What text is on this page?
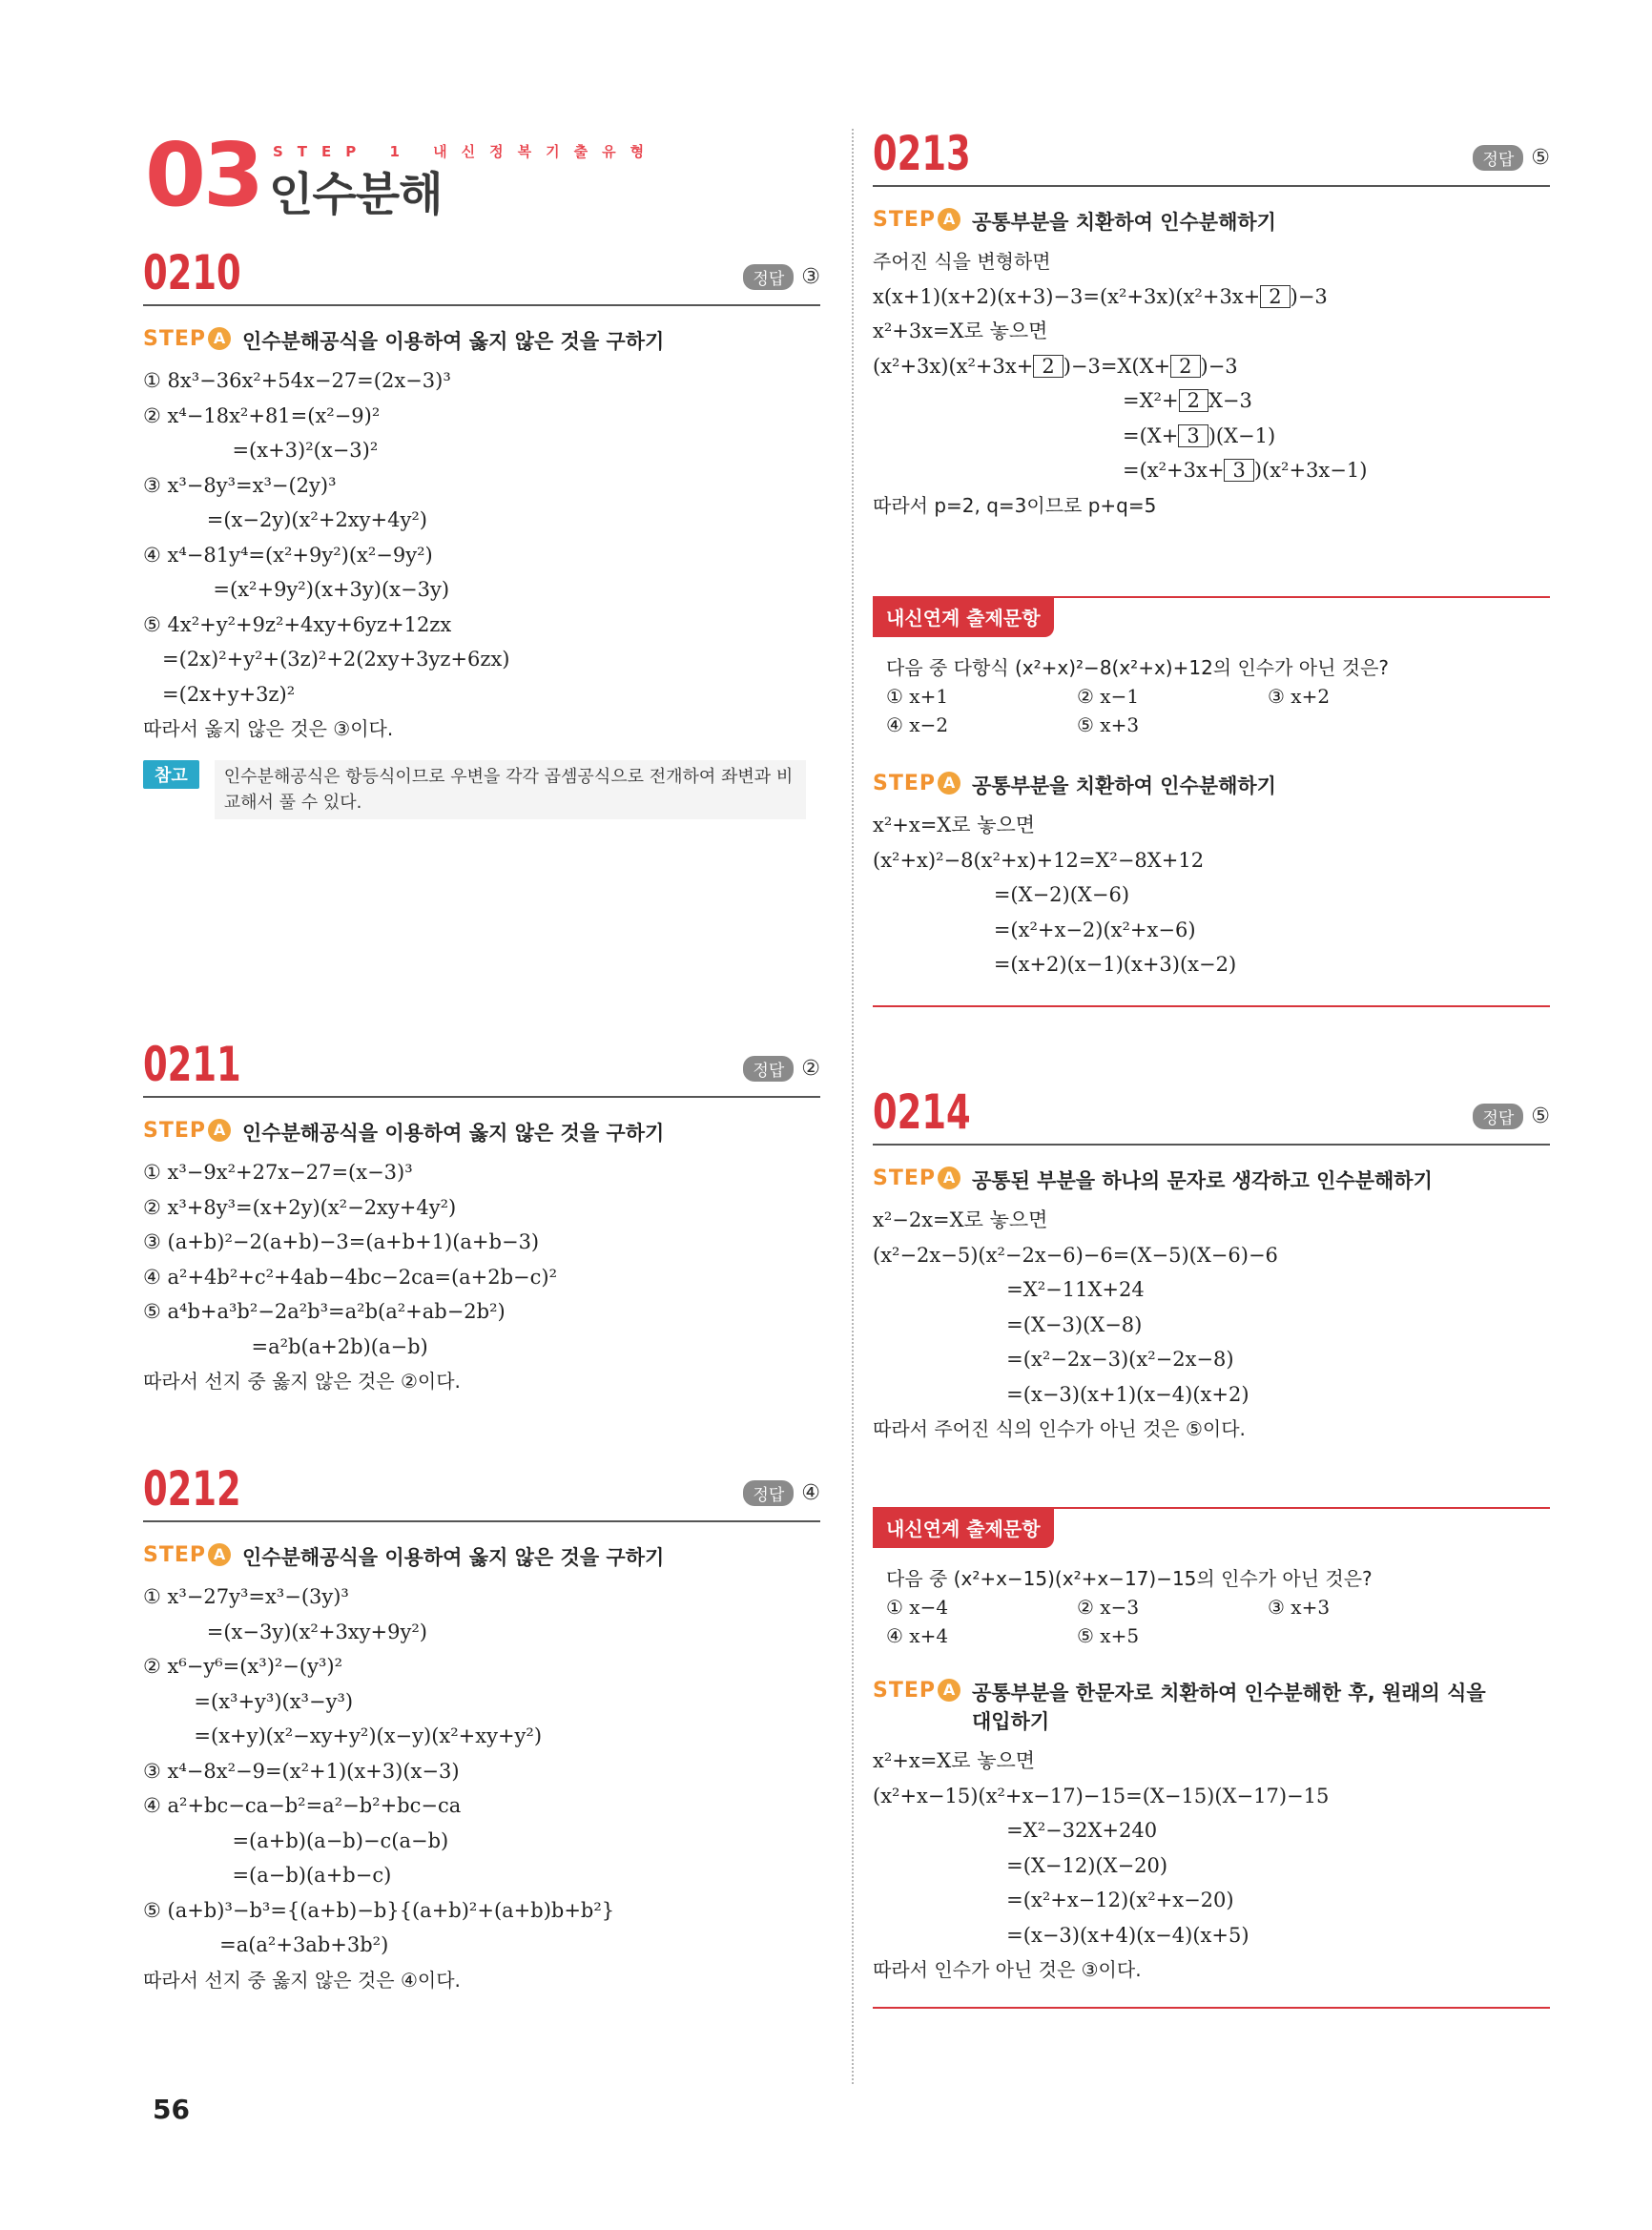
03 STEP 1 내신정복기출유형
인수분해
0210	정답 ③
STEP A 인수분해공식을 이용하여 옳지 않은 것을 구하기
① 8x³−36x²+54x−27=(2x−3)³
② x⁴−18x²+81=(x²−9)²
=(x+3)²(x−3)²
③ x³−8y³=x³−(2y)³
=(x−2y)(x²+2xy+4y²)
④ x⁴−81y⁴=(x²+9y²)(x²−9y²)
=(x²+9y²)(x+3y)(x−3y)
⑤ 4x²+y²+9z²+4xy+6yz+12zx
=(2x)²+y²+(3z)²+2(2xy+3yz+6zx)
=(2x+y+3z)²
따라서 옳지 않은 것은 ③이다.
참고	인수분해공식은 항등식이므로 우변을 각각 곱셈공식으로 전개하여 좌변과 비교해서 풀 수 있다.
0211	정답 ②
STEP A 인수분해공식을 이용하여 옳지 않은 것을 구하기
① x³−9x²+27x−27=(x−3)³
② x³+8y³=(x+2y)(x²−2xy+4y²)
③ (a+b)²−2(a+b)−3=(a+b+1)(a+b−3)
④ a²+4b²+c²+4ab−4bc−2ca=(a+2b−c)²
⑤ a⁴b+a³b²−2a²b³=a²b(a²+ab−2b²)
=a²b(a+2b)(a−b)
따라서 선지 중 옳지 않은 것은 ②이다.
0212	정답 ④
STEP A 인수분해공식을 이용하여 옳지 않은 것을 구하기
① x³−27y³=x³−(3y)³
=(x−3y)(x²+3xy+9y²)
② x⁶−y⁶=(x³)²−(y³)²
=(x³+y³)(x³−y³)
=(x+y)(x²−xy+y²)(x−y)(x²+xy+y²)
③ x⁴−8x²−9=(x²+1)(x+3)(x−3)
④ a²+bc−ca−b²=a²−b²+bc−ca
=(a+b)(a−b)−c(a−b)
=(a−b)(a+b−c)
⑤ (a+b)³−b³={(a+b)−b}{(a+b)²+(a+b)b+b²}
=a(a²+3ab+3b²)
따라서 선지 중 옳지 않은 것은 ④이다.
0213	정답 ⑤
STEP A 공통부분을 치환하여 인수분해하기
주어진 식을 변형하면
x(x+1)(x+2)(x+3)−3=(x²+3x)(x²+3x+ 2 )−3
x²+3x=X로 놓으면
(x²+3x)(x²+3x+ 2 )−3=X(X+ 2 )−3
=X²+ 2 X−3
=(X+ 3 )(X−1)
=(x²+3x+ 3 )(x²+3x−1)
따라서 p=2, q=3이므로 p+q=5
내신연계 출제문항
다음 중 다항식 (x²+x)²−8(x²+x)+12의 인수가 아닌 것은?
① x+1	② x−1	③ x+2
④ x−2	⑤ x+3
STEP A 공통부분을 치환하여 인수분해하기
x²+x=X로 놓으면
(x²+x)²−8(x²+x)+12=X²−8X+12
=(X−2)(X−6)
=(x²+x−2)(x²+x−6)
=(x+2)(x−1)(x+3)(x−2)
0214	정답 ⑤
STEP A 공통된 부분을 하나의 문자로 생각하고 인수분해하기
x²−2x=X로 놓으면
(x²−2x−5)(x²−2x−6)−6=(X−5)(X−6)−6
=X²−11X+24
=(X−3)(X−8)
=(x²−2x−3)(x²−2x−8)
=(x−3)(x+1)(x−4)(x+2)
따라서 주어진 식의 인수가 아닌 것은 ⑤이다.
내신연계 출제문항
다음 중 (x²+x−15)(x²+x−17)−15의 인수가 아닌 것은?
① x−4	② x−3	③ x+3
④ x+4	⑤ x+5
STEP A 공통부분을 한문자로 치환하여 인수분해한 후, 원래의 식을 대입하기
x²+x=X로 놓으면
(x²+x−15)(x²+x−17)−15=(X−15)(X−17)−15
=X²−32X+240
=(X−12)(X−20)
=(x²+x−12)(x²+x−20)
=(x−3)(x+4)(x−4)(x+5)
따라서 인수가 아닌 것은 ③이다.
56
